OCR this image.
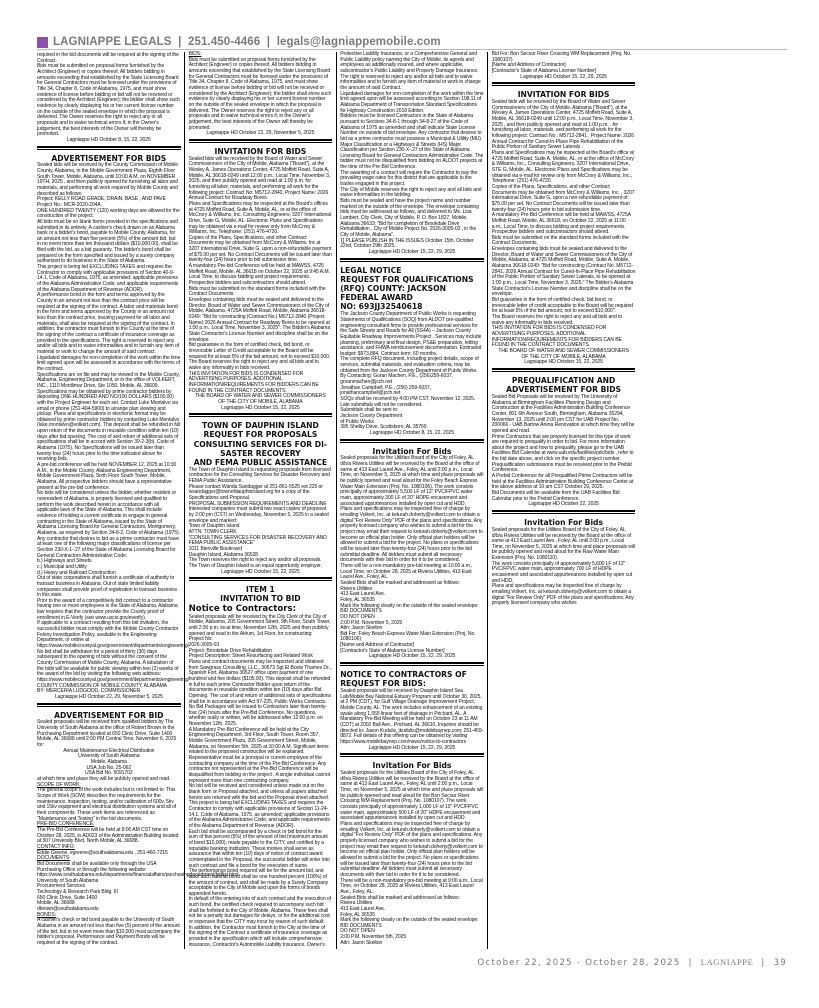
LAGNIAPPE LEGALS | 251.450-4466 | legals@lagniappemobile.com

required in the bid documents will be required at the signing of the Contract.

Bids must be submitted on proposal forms furnished by the Architect (Engineer) or copies thereof. All bidders bidding in amounts exceeding that established by the State Licensing Board for General Contractors must be licensed under the provisions of Title 34, Chapter 8, Code of Alabama, 1975, and must show evidence of license before bidding or bid will not be received or considered by the Architect (Engineer); the bidder shall show such evidence by clearly displaying his or her current license number on the outside of the sealed envelope in which the proposal is delivered. The Owner reserves the right to reject any or all proposals and to waive technical errors if, in the Owner's judgement, the best interests of the Owner will thereby be promoted.

Lagniappe HD October 8, 15, 22, 2025

ADVERTISEMENT FOR BIDS

Sealed bids will be received by the County Commission of Mobile County, Alabama, in the Mobile Government Plaza, Eighth Floor South Tower, Mobile, Alabama, until 10:00 A.M. on NOVEMBER 19TH, 2025 , and then publicly opened for furnishing all labor and materials, and performing all work required by Mobile County and described as follows:

Project: KELLY ROAD GRADE, DRAIN, BASE , AND PAVE

Project No.: MCR-2020-204A

ONE HUNDRED TWENTY (120) working days are allowed for the construction of the project.

All bids must be on blank forms provided in the specifications and submitted in its entirety. A cashier's check drawn on an Alabama bank or a bidder's bond, payable to Mobile County, Alabama, for an amount not less than five percent (5%) of the amount bid, but in no event more than ten thousand dollars ($10,000.00), shall be filed with the bid, as a bid guaranty. The bidder's bond shall be prepared on the form specified and issued by a surety company authorized to do business in the State of Alabama.

This project is being bid EXCLUDING TAXES and requires the Contractor to comply with applicable provisions of Section 40-9-14.1, Code of Alabama, 1975, as amended; applicable provisions of the Alabama Administrative Code; and applicable requirements of the Alabama Department of Revenue (ADOR).

A performance bond in the form and terms approved by the County in an amount not less than the contract price will be required at the signing of the contract. A labor and materials bond in the form and terms approved by the County in an amount not less than the contract price, insuring payment for all labor and materials, shall also be required at the signing of the contract. In addition, the contractor must furnish to the County at the time of the signing of the contract a certificate of insurance coverage as provided in the specifications. The right is reserved to reject any and/or all bids and to waive informalities and to furnish any item of material or work to change the amount of said contract.

Liquidated damages for non-completion of the work within the time limit agreed upon will be assessed in accordance with the terms of the contract.

Specifications are on file and may be viewed in the Mobile County, Alabama, Engineering Department, or in the office of VOLKERT, INC., 1110 Montlimar Drive, Ste 1050, Mobile, AL 36609. Specifications may be obtained by prime contractor bidders by depositing ONE HUNDRED AND NO/100 DOLLARS ($100.00) with the Project Engineer for each set. Contact Luke Montalvo via email or phone (251-404-5900) to arrange plan viewing and pickup. Plans and specifications in electronic format may be obtained by prime contractor bidders by contacting Luke Montalvo (luke.montalvo@volkert.com). This deposit shall be refunded in full upon return of the documents in reusable condition within ten (10) days after bid opening. The cost of and return of additional sets of specifications shall be in accord with Section 39-2-3(b), Code of Alabama (1975). No Specifications will be issued later than twenty-four (24) hours prior to the time indicated above for receiving bids.

A pre-bid conference will be held NOVEMBER 12, 2025 at 10:30 A.M., in the Mobile County, Alabama Engineering Department, Mobile Government Plaza, Sixth Floor South Tower, Mobile, Alabama. All prospective bidders should have a representative present at the pre-bid conference.

No bids will be considered unless the bidder, whether resident or nonresident of Alabama, is properly licensed and qualified to perform the work described herein in accordance with all applicable laws of the State of Alabama. This shall include evidence of holding a current certificate to engage in general contracting in the State of Alabama, issued by the State of Alabama Licensing Board for General Contractors, Montgomery, Alabama, as required by Section 34-8-2, Code of Alabama (1975). Any contractor that desires to bid as a prime contractor must have at least one of the following major classifications of license per Section 230-X-1-.27 of the State of Alabama Licensing Board for General Contractors Administrative Code:

b.) Highways and Streets

c.) Municipal and Utility

d.) Heavy and Railroad Construction

Out of state corporations shall furnish a certificate of authority to transact business in Alabama. Out of state limited liability companies shall provide proof of registration to transact business in this state.

Prior to the award of a competitively bid contract to a contractor having one or more employees in the State of Alabama, Alabama law requires that the contractor provide the County proof of enrollment in E-Verify (see www.uscis.gov/everify).

If applicable to a contract resulting from this bid invitation, the successful bidder must comply with the Mobile County Contractor Felony Investigation Policy, available in the Engineering Department, or online at https://www.mobilecountyal.gov/government/departments/engineering/

No bid shall be withdrawn for a period of thirty (30) days subsequent to the opening of bids without the consent of the County Commission of Mobile County, Alabama. A tabulation of the bids will be available for public viewing within two (2) weeks of the award of the bid by visiting the following web address: https://www.mobilecountyal.gov/government/departments/engineering/

COUNTY COMMISSION OF MOBILE COUNTY, ALABAMA

BY: MERCERIA LUDGOOD, COMMISSIONER

Lagniappe HD October 22, 29, November 5, 2025

ADVERTISEMENT FOR BID

Sealed proposals will be received from qualified bidders by The University of South Alabama at the office of Robert Brown in the Purchasing Department located at 650 Clinic Drive, Suite 1400 Mobile, AL 36688 until 2:00 PM Central Time, November 6, 2025 for:

Annual Maintenance Electrical Distribution

University of South Alabama

Mobile, Alabama

USA Job No. 25-062

USA Bid No. 5091702

at which time and place they will be publicly opened and read.

SCOPE OF WORK:

The general scope of the work includes but is not limited to: This Scope of Work (SOW) describes the requirements for the maintenance, inspection, testing, and/or calibration of 600v, 5kv and 15kv equipment and electrical distribution systems and all of their components. These work items are referenced as "Maintenance and Testing" in the bid documents.

PRE-BID CONFERENCE:

The Pre-Bid Conference will be held at 8:00 AM CST time on October 28, 2025, in AD023 of the Administration Building located at 307 University Blvd. North Mobile, AL 36688.

CONTACT INFO:

Eddie Greene, egreene@southalabama.edu , 251-460-7215

DOCUMENTS:

Bid Documents shall be available only through the USA Purchasing Office or through the following website: https://www.southalabama.edu/departments/financialaffairs/purchasingdepartment/bidlist.html

University of South Alabama

Procurement Services

Technology & Research Park Bldg. III

650 Clinic Drive, Suite 1400

Mobile, AL 36688

dbrown@southalabama.edu

BONDS:

A cashier's check or bid bond payable to the University of South Alabama in an amount not less than five (5) percent of the amount of the bid, but in no event more than $10,000 must accompany the bidder's proposal. Performance and Payment Bonds will be required at the signing of the contract.

BIDS:

Bids must be submitted on proposal forms furnished by the Architect (Engineer) or copies thereof. All bidders bidding in amounts exceeding that established by the State Licensing Board for General Contractors must be licensed under the provisions of Title 34, Chapter 8, Code of Alabama, 1975, and must show evidence of license before bidding or bid will not be received or considered by the Architect (Engineer); the bidder shall show such evidence by clearly displaying his or her current license number on the outside of the sealed envelope in which the proposal is delivered. The Owner reserves the right to reject any or all proposals and to waive technical errors if, in the Owner's judgement, the best interests of the Owner will thereby be promoted.

Lagniappe HD October 22, 29, November 5, 2025

INVITATION FOR BIDS

Sealed bids will be received by the Board of Water and Sewer Commissioners of the City of Mobile, Alabama ("Board"), at the Wesley A. James Operations Center, 4725 Moffett Road, Suite A, Mobile, AL 36618-0249 until 12:00 p.m., Local Time, November 3, 2025, and then publicly opened and read at 1:00 p.m. for furnishing all labor, materials, and performing all work for the following project: Contract No: M5712-2840, Project Name: 2026 Annual Contract for Roadway Bores.

Plans and Specifications may be inspected at the Board's offices at 4725 Moffett Road, Suite A, Mobile, AL, or at the office of McCrory & Williams, Inc. Consulting Engineers, 3207 International Drive, Suite G, Mobile, AL. Electronic Plans and Specifications may be obtained via e-mail for review only from McCrory & Williams, Inc. Telephone: (251) 476-4720.

Copies of the Plans, Specifications, and other Contract Documents may be obtained from McCrory & Williams, Inc at 3207 International Drive, Suite G, upon a non-refundable payment of $75.00 per set. No Contract Documents will be issued later than twenty-four (24) hours prior to bid submission time.

A mandatory Pre-bid Conference will be held at MAWSS, 4725 Moffett Road, Mobile, AL 36618 on October 22, 2025 at 9:45 A.M. Local Time, to discuss bidding and project requirements. Prospective bidders and subcontractors should attend.

Bids must be submitted on the standard forms included with the Contract Documents.

Envelopes containing bids must be sealed and delivered to the Director, Board of Water and Sewer Commissioners of the City of Mobile, Alabama, 4725A Moffett Road, Mobile, Alabama 36618-0249: "Bid for constructing (Contract No.) M5712-2840 (Project Name) 2026 Annual Contract for Roadway Bores to be opened at 1:00 p.m., Local Time, November 3, 2025". The Bidder's Alabama State Contractor's License Number and discipline shall be on the envelope.

Bid guarantee in the form of certified check, bid bond, or irrevocable Letter of Credit acceptable to the Board will be required for at least 5% of the bid amount, not to exceed $10,000.

The Board reserves the right to reject any and all bids and to waive any informality in bids received.

THIS INVITATION FOR BIDS IS CONDENSED FOR ADVERTISING PURPOSES. ADDITIONAL INFORMATION/REQUIREMENTS FOR BIDDERS CAN BE FOUND IN THE CONTRACT DOCUMENTS.

THE BOARD OF WATER AND SEWER COMMISSIONERS

OF THE CITY OF MOBILE, ALABAMA

Lagniappe HD October 15, 22, 2025

TOWN OF DAUPHIN ISLAND
REQUEST FOR PROPOSALS
CONSULTING SERVICES FOR DI-
SASTER RECOVERY
AND FEMA PUBLIC ASSISTANCE

The Town of Dauphin Island is requesting proposals from licensed contractors for the Consulting Services for Disaster Recovery and FEMA Public Assistance.

Please contact Wanda Sandagger at 251-861-5525 ext 225 or wsandagger@townofdauphinisland.org for a copy of the Specifications and Proposal.

PROPOSAL SUBMISSION REQUIREMENTS AND DEADLINE

Interested companies must submit two exact copies of proposal by 2:00 pm (CST) on Wednesday, November 5, 2025 in a sealed envelope and marked:

Town of Dauphin Island

ATTN: TOWN CLERK

"CONSULTING SERVICES FOR DISASTER RECOVERY AND FEMA PUBLIC ASSISTANCE"

1011 Bienville Boulevard

Dauphin Island, Alabama 36528

The Town reserves the right to reject any and/or all proposals.

The Town of Dauphin Island is an equal opportunity employer.

Lagniappe HD October 15, 22, 2025

ITEM 1
INVITATION TO BID
Notice to Contractors:

Sealed proposals will be received by the City Clerk of the City of Mobile, Alabama, 205 Government Street, 9th Floor, South Tower, until 2:30 p.m. local time, November 12th, 2025 and then publicly opened and read in the Atrium, 1st Floor, for constructing:

Project No:

2026-3005-03

Project: Brookdale Drive Rehabilitation

Project Description: Street Resurfacing and Related Work

Plans and contract documents may be inspected and obtained from Sawgrass Consulting, LLC., 30673 Sgt El Boots Thames Dr., Spanish Fort, Alabama 36527 office upon payment of one hundred and five dollars ($105.00). This deposit shall be refunded in full to each prime Contractor Bidder upon return of the documents in reusable condition within ten (10) days after Bid Opening. The cost of and return of additional sets of specifications shall be in accordance with Act 97-225, Public Works Contracts.

No Bid Packages will be issued to Contractors later than twenty-four (24) hours after the Pre-Bid Conference. No questions, whether orally or written, will be addressed after 12:00 p.m. on November 12th, 2025.

A Mandatory Pre-Bid Conference will be held at the City Engineering Department, 3rd Floor, South Tower, Room 357, Mobile Government Plaza, 205 Government Street, Mobile, Alabama, on November 5th, 2025 at 10:00 A.M. Significant items related to the proposed construction will be explained. Representative must be a principal or current employee of the contracting company at the time of the Pre-Bid Conference. Any contractor not represented at the Pre-Bid Conference will be disqualified from bidding on the project . A single individual cannot represent more than one contracting company.

No bid will be received and considered unless made out on the blank form or Proposal attached, and unless all papers attached hereto are returned with the bid and the Proposal sheet attached.

This project is being bid EXCLUDING TAXES and requires the Contractor to comply with applicable provisions of Section 11-24-14.1, Code of Alabama, 1975, as amended; applicable provisions of the Alabama Administrative Code; and applicable requirements of the Alabama Department of Revenue (ADOR).

Each bid shall be accompanied by a check or bid bond for the sum of five percent (5%) of the amount of bid (maximum amount of bond $10,000), made payable to the CITY, and certified by a reputable banking institution. These monies shall serve as assurance that within ten (10) days of notice of contract award contemplated in the Proposal, the successful bidder will enter into such contract and file a bond for the execution of same.

The performance bond required will be for the amount bid, and labor and material bond shall be one hundred percent (100%) of the amount of contract, and shall be made by a Surety Company acceptable to the City of Mobile and upon the forms of bonds appended hereto.

In default of the entering into of such contract and the execution of such bond, the certified check required to accompany such bid shall be forfeited to the City of Mobile, Alabama. These fees shall not be a penalty but damages for delays, or for the additional cost or expenses that the CITY may incur by reason of such default.

In addition, the Contractor must furnish to the City at the time of the signing of the Contract a certificate of insurance coverage as provided in the specification which will include comprehensive insurance, Contractor's Automobile Liability Insurance, Owner's Protective Liability Insurance, or a Comprehensive General and Public Liability policy naming the City of Mobile, its agents and employees as additionally insured, and where applicable, subcontractor's Public Liability and Property Damage Insurance. The right is reserved to reject any and/or all bids and to waive informalities and to furnish any item of material or work to change the amount of said Contract.

Liquidated damages for non-completion of the work within the time limit agreed upon will be assessed according to Section 108.11 of Alabama Department of Transportation Standard Specifications for Highway Construction 2018 Edition.

Bidders must be licensed Contractors in the State of Alabama pursuant to Sections 34-8-1 through 34-8-27 of the Code of Alabama of 1975 as amended and shall indicate State License Number on outside of bid envelope. Any contractor that desires to bid as a prime contractor must possess a Municipal & Utility (MU) Major Classification or a Highways & Streets (HS) Major Classification per Section 230-X-.27 of the State of Alabama Licensing Board for General Contractors Administrative Code. The bidder must not be disqualified from bidding on ALDOT projects at the time of the Pre-Bid Conference.

The awarding of a contract will require the Contractor to pay the prevailing wage rates for this district that are applicable to the trades engaged in this project.

The City of Mobile reserves the right to reject any and all bids and waive informalities in the bidding.

Bids must be sealed and have the project name and number marked on the outside of the envelope. The envelope containing bids must be addressed as follows, and delivered to Ms. Lisa Lambert, City Clerk, City of Mobile, P. O. Box 1827, Mobile, Alabama 36633; "Bid for completion of Brookdale Drive Rehabilitation , City of Mobile Project No. 2026-3005-03 , in the City of Mobile, Alabama".

1] PLEASE PUBLISH IN THE ISSUES October 15th, October 22nd, October 29th 2025.

Lagniappe HD October 15, 22, 29, 2025

LEGAL NOTICE
REQUEST FOR QUALIFICATIONS
(RFQ) COUNTY: JACKSON
FEDERAL AWARD
NO: 693JJ32540618

The Jackson County Department of Public Works is requesting Statements of Qualifications (SOQ) from ALDOT pre-qualified engineering consultant firms to provide professional services for the Safe Streets and Roads for All (SS4A) – Jackson County Equitable Roadway Improvements Project . Services may include planning, preliminary and final design, PS&E preparation, letting assistance, and FHWA reimbursement documentation. Estimated budget: $973,884. Contract term: 60 months.

The complete RFQ document, including project details, scope of services, submittal materials, and evaluation criteria, may be obtained from the Jackson County Department of Public Works. By Contacting: Goran Machen, P.E., (256)259-6037, goranmachen@jcch.net

Jonathan Campbell, P.E., (256) 259-6037, jonathancampbell@jcch.net

SOQs shall be received by 4:00 PM CST, November 12, 2025. Late submittals will not be considered.

Submittals shall be sent to:

Jackson County Department

of Public Works

395 Shelby Drive, Scottsboro, AL 35769

Lagniappe HD October 8, 15, 22, 2025

Invitation For Bids

Sealed proposals for the Utilities Board of the City of Foley, AL d/b/a Riviera Utilities will be received by the Board at the office of same at 413 East Laurel Ave., Foley, AL until 2:00 p.m., Local Time, on November 5, 2025 at which time and place proposals will be publicly opened and read aloud for the Foley Beach Express Water Main Extension (Proj. No. 1080106). The work consists principally of approximately 5,500 LF of 12" PVC/FPVC water main, approximately 300 LF of 20" HDPE encasement and associated appurtenances installed by open cut and HDD.

Plans and specifications may be inspected free of charge by emailing Volkert, Inc. at keturah.doherty@volkert.com to obtain a digital "For Review Only" PDF of the plans and specifications. Any properly licensed company who wishes to submit a bid for the project may email their request to keturah.doherty@volkert.com to become an official plan holder. Only official plan holders will be allowed to submit a bid for the project. No plans or specifications will be issued later than twenty-four (24) hours prior to the bid submittal deadline. All bidders must submit all necessary documents with their bid in order for it to be considered.

There will be a non-mandatory pre-bid meeting at 10:00 a.m., Local Time, on October 28, 2025 at Riviera Utilities, 413 East Laurel Ave., Foley, AL.

Sealed Bids shall be marked and addressed as follows:

Riviera Utilities

413 East Laurel Ave.

Foley, AL 36535

Mark the following clearly on the outside of the sealed envelope:

BID DOCUMENTS

DO NOT OPEN

2:00 P.M. November 5, 2025

Attn: Jason Skelton

Bid For: Foley Beach Express Water Main Extension (Proj. No. 1080106)

[Name and Address of Contractor]

[Contractor's State of Alabama License Number]

Lagniappe HD October 15, 22, 29, 2025

NOTICE TO CONTRACTORS OF
REQUEST FOR BIDS:

Sealed proposals will be received by Dauphin Island Sea Lab/Mobile Bay National Estuary Program until October 30, 2025, at 2 PM (CDT), for Gulf Village Drainage Improvement Project, Mobile County, AL. The work includes enhancement of an existing swale along 1,555 linear feet of drainage in Prichard, AL. A Mandatory Pre-Bid Meeting will be held on October 23 at 11 AM (CDT) at 2002 Ball Ave., Prichard, AL 36610. Inquiries should be directed to: Jason Kudulis, jkudulis@mobilebaynep.com; 251-459-8872. Full details of this offering can be obtained by visiting https://www.mobilebaynep.com/news/notice-to-contractors

Lagniappe HD October 15, 22, 29, 2025

Invitation For Bids

Sealed proposals for the Utilities Board of the City of Foley, AL d/b/a Riviera Utilities will be received by the Board at the office of same at 413 East Laurel Ave., Foley, AL until 2:00 p.m., Local Time, on November 5, 2025 at which time and place proposals will be publicly opened and read aloud for the Bon Secour River Crossing WM Replacement (Proj. No. 1080107). The work consists principally of approximately 1,000 LF of 10" PVC/FPVC water main, approximately 500 LF of 20" HDPE encasement and associated appurtenances installed by open cut and HDD.

Plans and specifications may be inspected free of charge by emailing Volkert, Inc. at keturah.doherty@volkert.com to obtain a digital "For Review Only" PDF of the plans and specifications. Any properly licensed company who wishes to submit a bid for the project may email their request to keturah.doherty@volkert.com to become an official plan holder. Only official plan holders will be allowed to submit a bid for the project. No plans or specifications will be issued later than twenty-four (24) hours prior to the bid submittal deadline. All bidders must submit all necessary documents with their bid in order for it to be considered.

There will be a non-mandatory pre-bid meeting at 9:00 a.m., Local Time, on October 28, 2025 at Riviera Utilities, 413 East Laurel Ave., Foley, AL.

Sealed Bids shall be marked and addressed as follows:

Riviera Utilities

413 East Laurel Ave.

Foley, AL 36535

Mark the following clearly on the outside of the sealed envelope:

BID DOCUMENTS

DO NOT OPEN

2:00 P.M. November 5th, 2025

Attn: Jason Skelton

Bid For: Bon Secour River Crossing WM Replacement (Proj. No. 1080107)

[Name and Address of Contractor]

[Contractor's State of Alabama License Number]

Lagniappe HD October 15, 22, 29, 2025

INVITATION FOR BIDS

Sealed bids will be received by the Board of Water and Sewer Commissioners of the City of Mobile, Alabama ("Board"), at the Wesley A. James Operations Center, 4725 Moffett Road, Suite A, Mobile, AL 36618-0249 until 12:00 p.m., Local Time, November 3, 2025 , and then publicly opened and read at 1:00 p.m. , for furnishing all labor, materials, and performing all work for the following project: Contract No.: M5712-2841 , Project Name: 2026 Annual Contract for Cured-In-Place Pipe Rehabilitation of the Public Portion of Sanitary Sewer Laterals .

Plans and Specifications may be inspected at the Board's office at 4725 Moffett Road, Suite A, Mobile, AL, or at the office of McCrory & Williams, Inc., Consulting Engineers, 3207 International Drive, STE G, Mobile, AL. Electronic Plans and Specifications may be obtained via e-mail for review only from McCrory & Williams, Inc., Telephone: (251) 476-4720.

Copies of the Plans, Specifications, and other Contract Documents may be obtained from McCrory & Williams, Inc. , 3207 International Drive, Suite G, upon a non-refundable payment of $75.00 per set. No Contract Documents will be issued later than twenty-four (24) hours prior to bid submission time.

A mandatory Pre-Bid Conference will be held at MAWSS, 4725A Moffett Road, Mobile, AL 36618, on October 22, 2025 at 11:00 a.m., Local Time, to discuss bidding and project requirements. Prospective bidders and subcontractors should attend.

Bids must be submitted on the standard forms included with the Contract Documents.

Envelopes containing bids must be sealed and delivered to the Director, Board of Water and Sewer Commissioners of the City of Mobile, Alabama, at 4725 Moffett Road, Mobile, Suite A, Mobile, Alabama 36618-0249: "Bid for constructing (Contract No. M5712-2841, 2026 Annual Contract for Cured-In-Place Pipe Rehabilitation of the Public Portion of Sanitary Sewer Laterals, to be opened at 1:00 p.m., Local Time, November 3, 2025." The Bidder's Alabama State Contractor's License Number and discipline shall be on the envelope.

Bid guarantee in the form of certified check, bid bond, or irrevocable letter of credit acceptable to the Board will be required for at least 5% of the bid amount, not to exceed $10,000".

The Board reserves the right to reject any and all bids and to waive any informality in bids received.

THIS INVITATION FOR BIDS IS CONDENSED FOR ADVERTISING PURPOSES. ADDITIONAL INFORMATION/REQUIREMENTS FOR BIDDERS CAN BE FOUND IN THE CONTRACT DOCUMENTS.

THE BOARD OF WATER AND SEWER COMMISSIONERS

OF THE CITY OF MOBILE, ALABAMA

Lagniappe HD October 15, 22, 2025

PREQUALIFICATION AND
ADVERTISEMENT FOR BIDS

Sealed Bid Proposals will be received by The University of Alabama at Birmingham Facilities Planning Design and Construction at the Facilities Administration Building Conference Center, 801 6th Avenue South, Birmingham, Alabama 35294, November 13, 2025 until 2:00 pm CST for UAB Project No. 200066 - UAB Bartow Arena Renovation at which time they will be opened and read.

Prime Contractors that are properly licensed for this type of work are required to prequalify in order to bid. For more information about the project and how to prequalify, please go to the UAB Facilities Bid Calendar at www.uab.edu/facilities/pdc/bids , refer to the bid date above, and click on the specific project number.

Prequalification submissions must be received prior to the Prebid Conference.

A Prebid Conference for all Prequalified Prime Contractors will be held at the Facilities Administration Building Conference Center at the above address at 10 am CST October 29, 2025.

Bid Documents will be available from the UAB Facilities Bid Calendar prior to the Prebid Conference.

Lagniappe HD October 22, 2025

Invitation For Bids

Sealed proposals for the Utilities Board of the City of Foley, AL d/b/a Riviera Utilities will be received by the Board at the office of same at 413 East Laurel Ave., Foley, AL until 2:00 p.m., Local Time, on November 5, 2025 at which time and place proposals will be publicly opened and read aloud for the Raw Water Main Extension (Proj. No. 1080110).

The work consists principally of approximately 5,600 LF of 12" PVC/FPVC water main, approximately 700 LF of HDPE encasement and associated appurtenances installed by open cut and HDD.

Plans and specifications may be inspected free of charge by emailing Volkert, Inc. at keturah.doherty@volkert.com to obtain a digital "For Review Only" PDF of the plans and specifications. Any properly licensed company who wishes

October 22, 2025 - October 28, 2025  |  LAGNIAPPE  |  39
